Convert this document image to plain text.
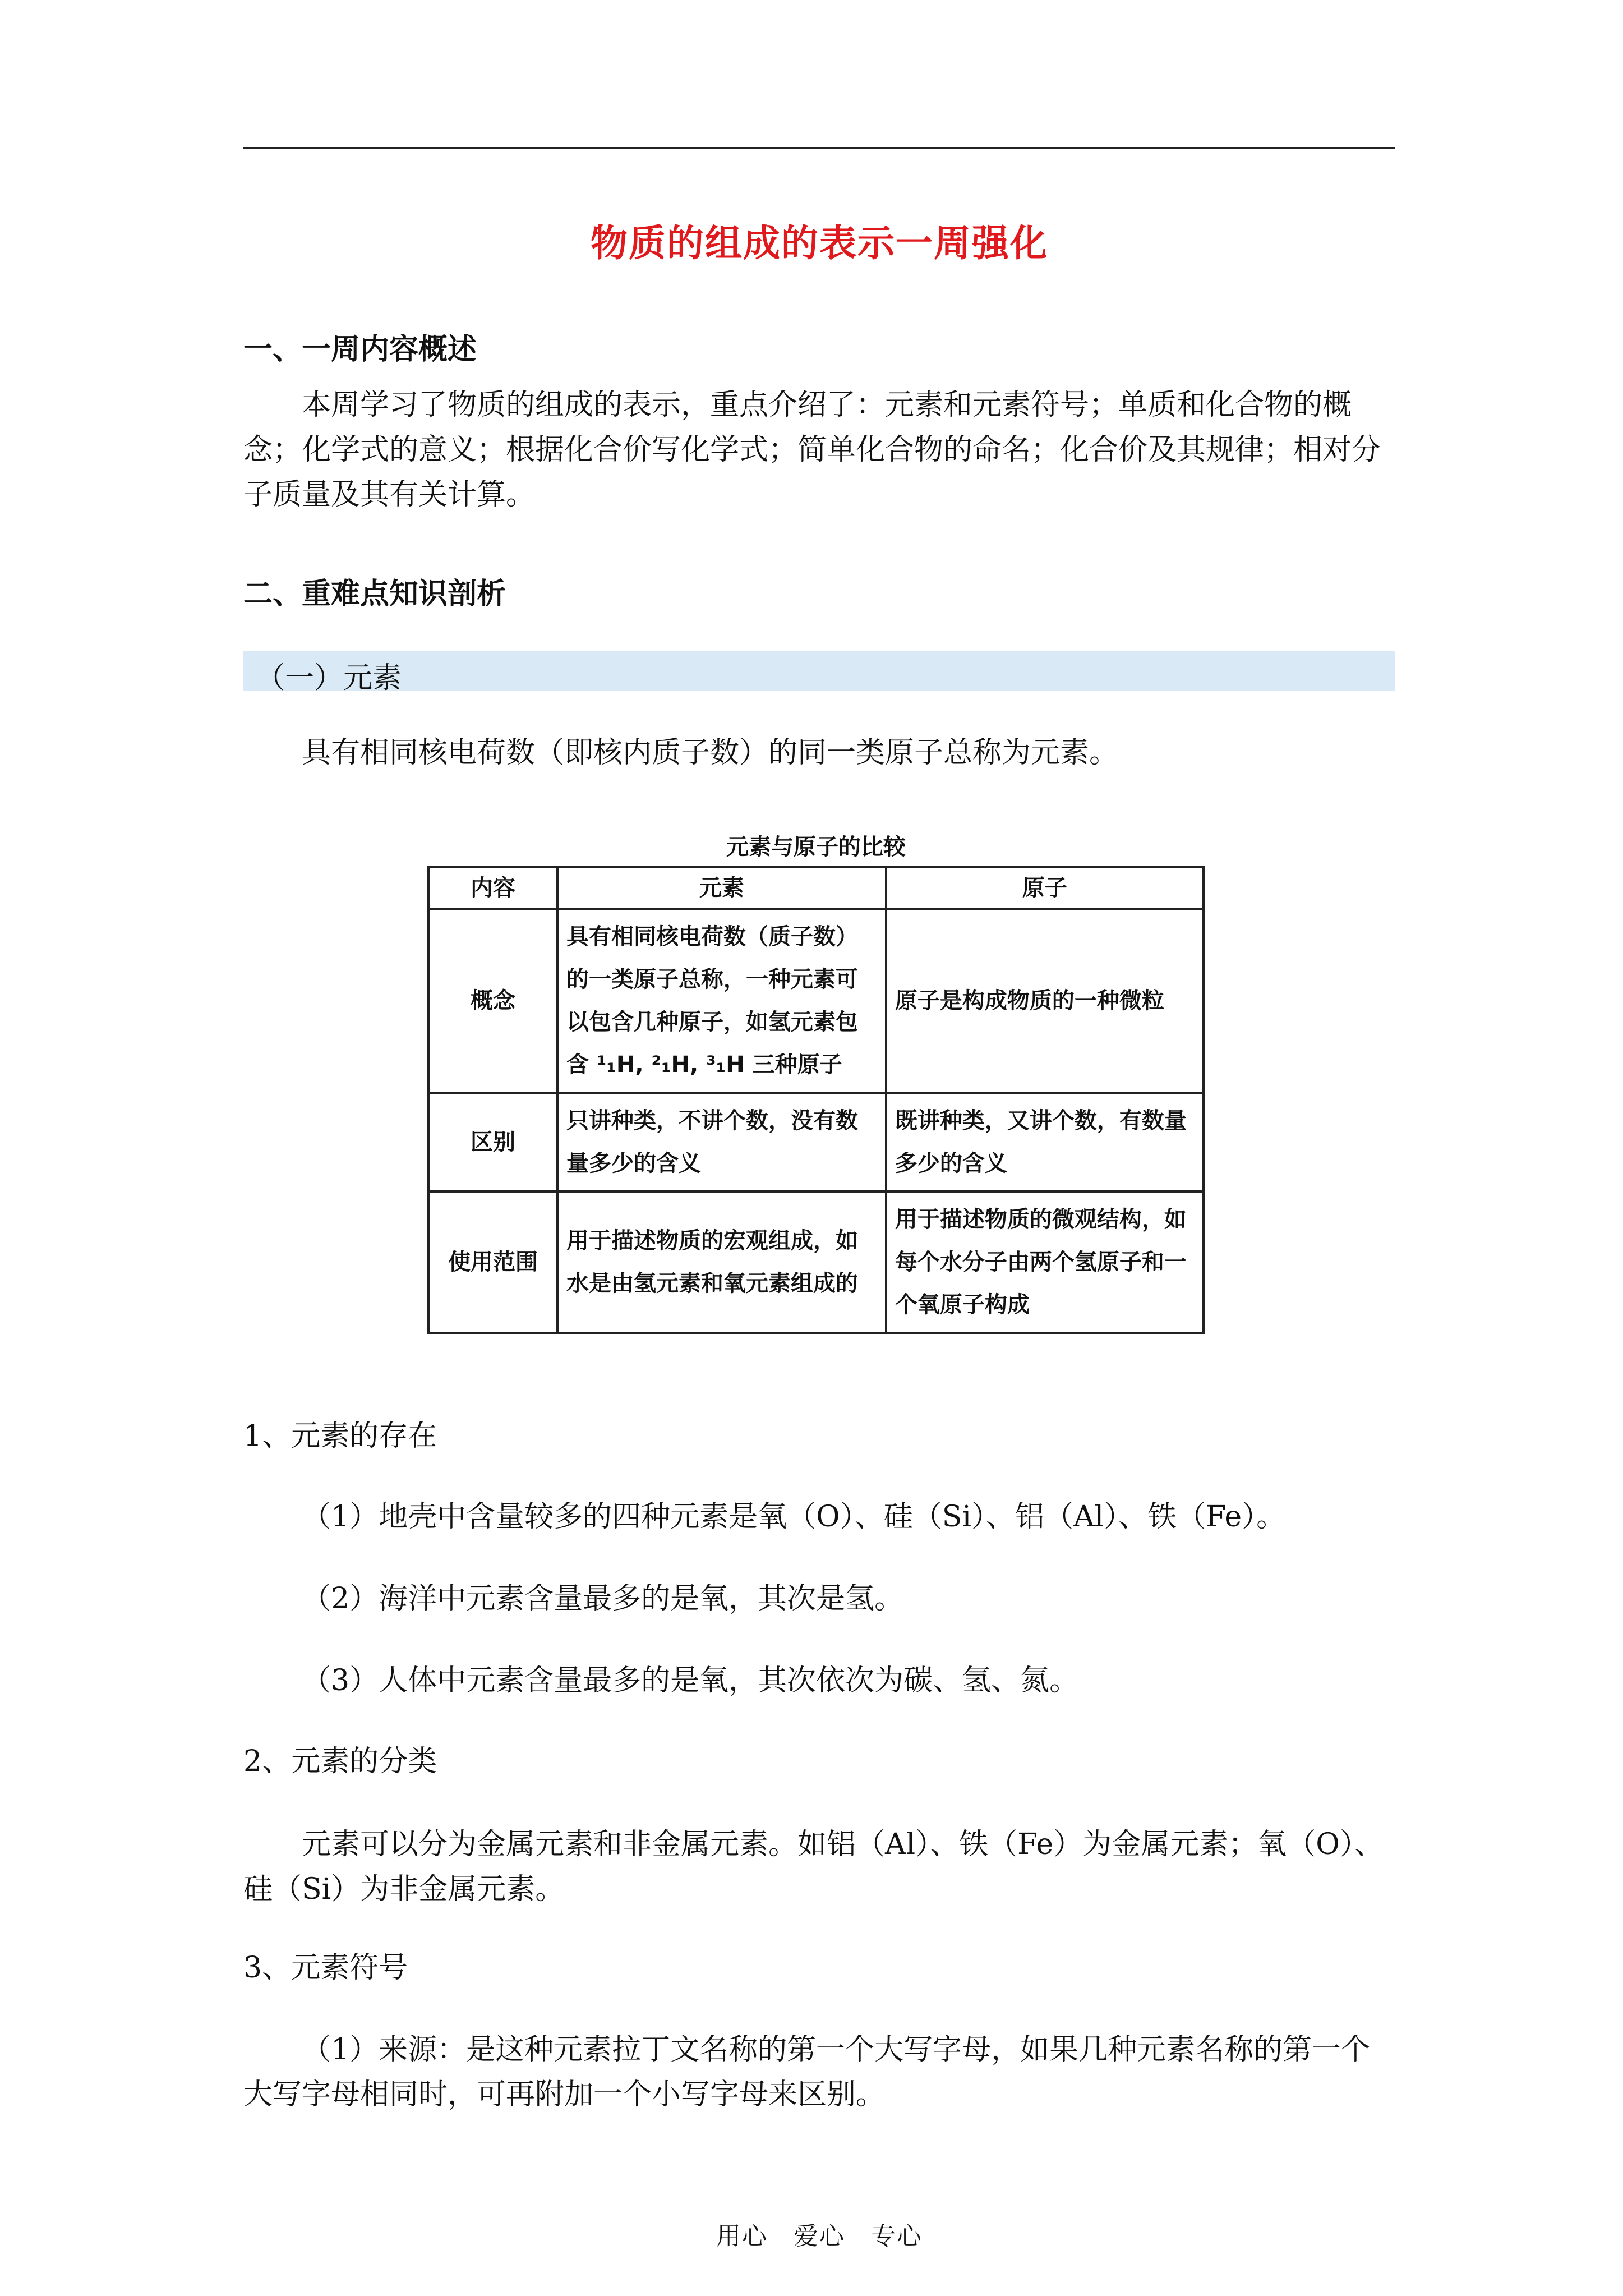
物质的组成的表示一周强化
一、一周内容概述
本周学习了物质的组成的表示，重点介绍了：元素和元素符号；单质和化合物的概念；化学式的意义；根据化合价写化学式；简单化合物的命名；化合价及其规律；相对分子质量及其有关计算。
二、重难点知识剖析
（一）元素
具有相同核电荷数（即核内质子数）的同一类原子总称为元素。
元素与原子的比较
内容	元素	原子
概念	具有相同核电荷数（质子数）的一类原子总称，一种元素可以包含几种原子，如氢元素包含 ¹₁H, ²₁H, ³₁H 三种原子	原子是构成物质的一种微粒
区别	只讲种类，不讲个数，没有数量多少的含义	既讲种类，又讲个数，有数量多少的含义
使用范围	用于描述物质的宏观组成，如水是由氢元素和氧元素组成的	用于描述物质的微观结构，如每个水分子由两个氢原子和一个氧原子构成
1、元素的存在
（1）地壳中含量较多的四种元素是氧（O）、硅（Si）、铝（Al）、铁（Fe）。
（2）海洋中元素含量最多的是氧，其次是氢。
（3）人体中元素含量最多的是氧，其次依次为碳、氢、氮。
2、元素的分类
元素可以分为金属元素和非金属元素。如铝（Al）、铁（Fe）为金属元素；氧（O）、硅（Si）为非金属元素。
3、元素符号
（1）来源：是这种元素拉丁文名称的第一个大写字母，如果几种元素名称的第一个大写字母相同时，可再附加一个小写字母来区别。
用心　爱心　专心
